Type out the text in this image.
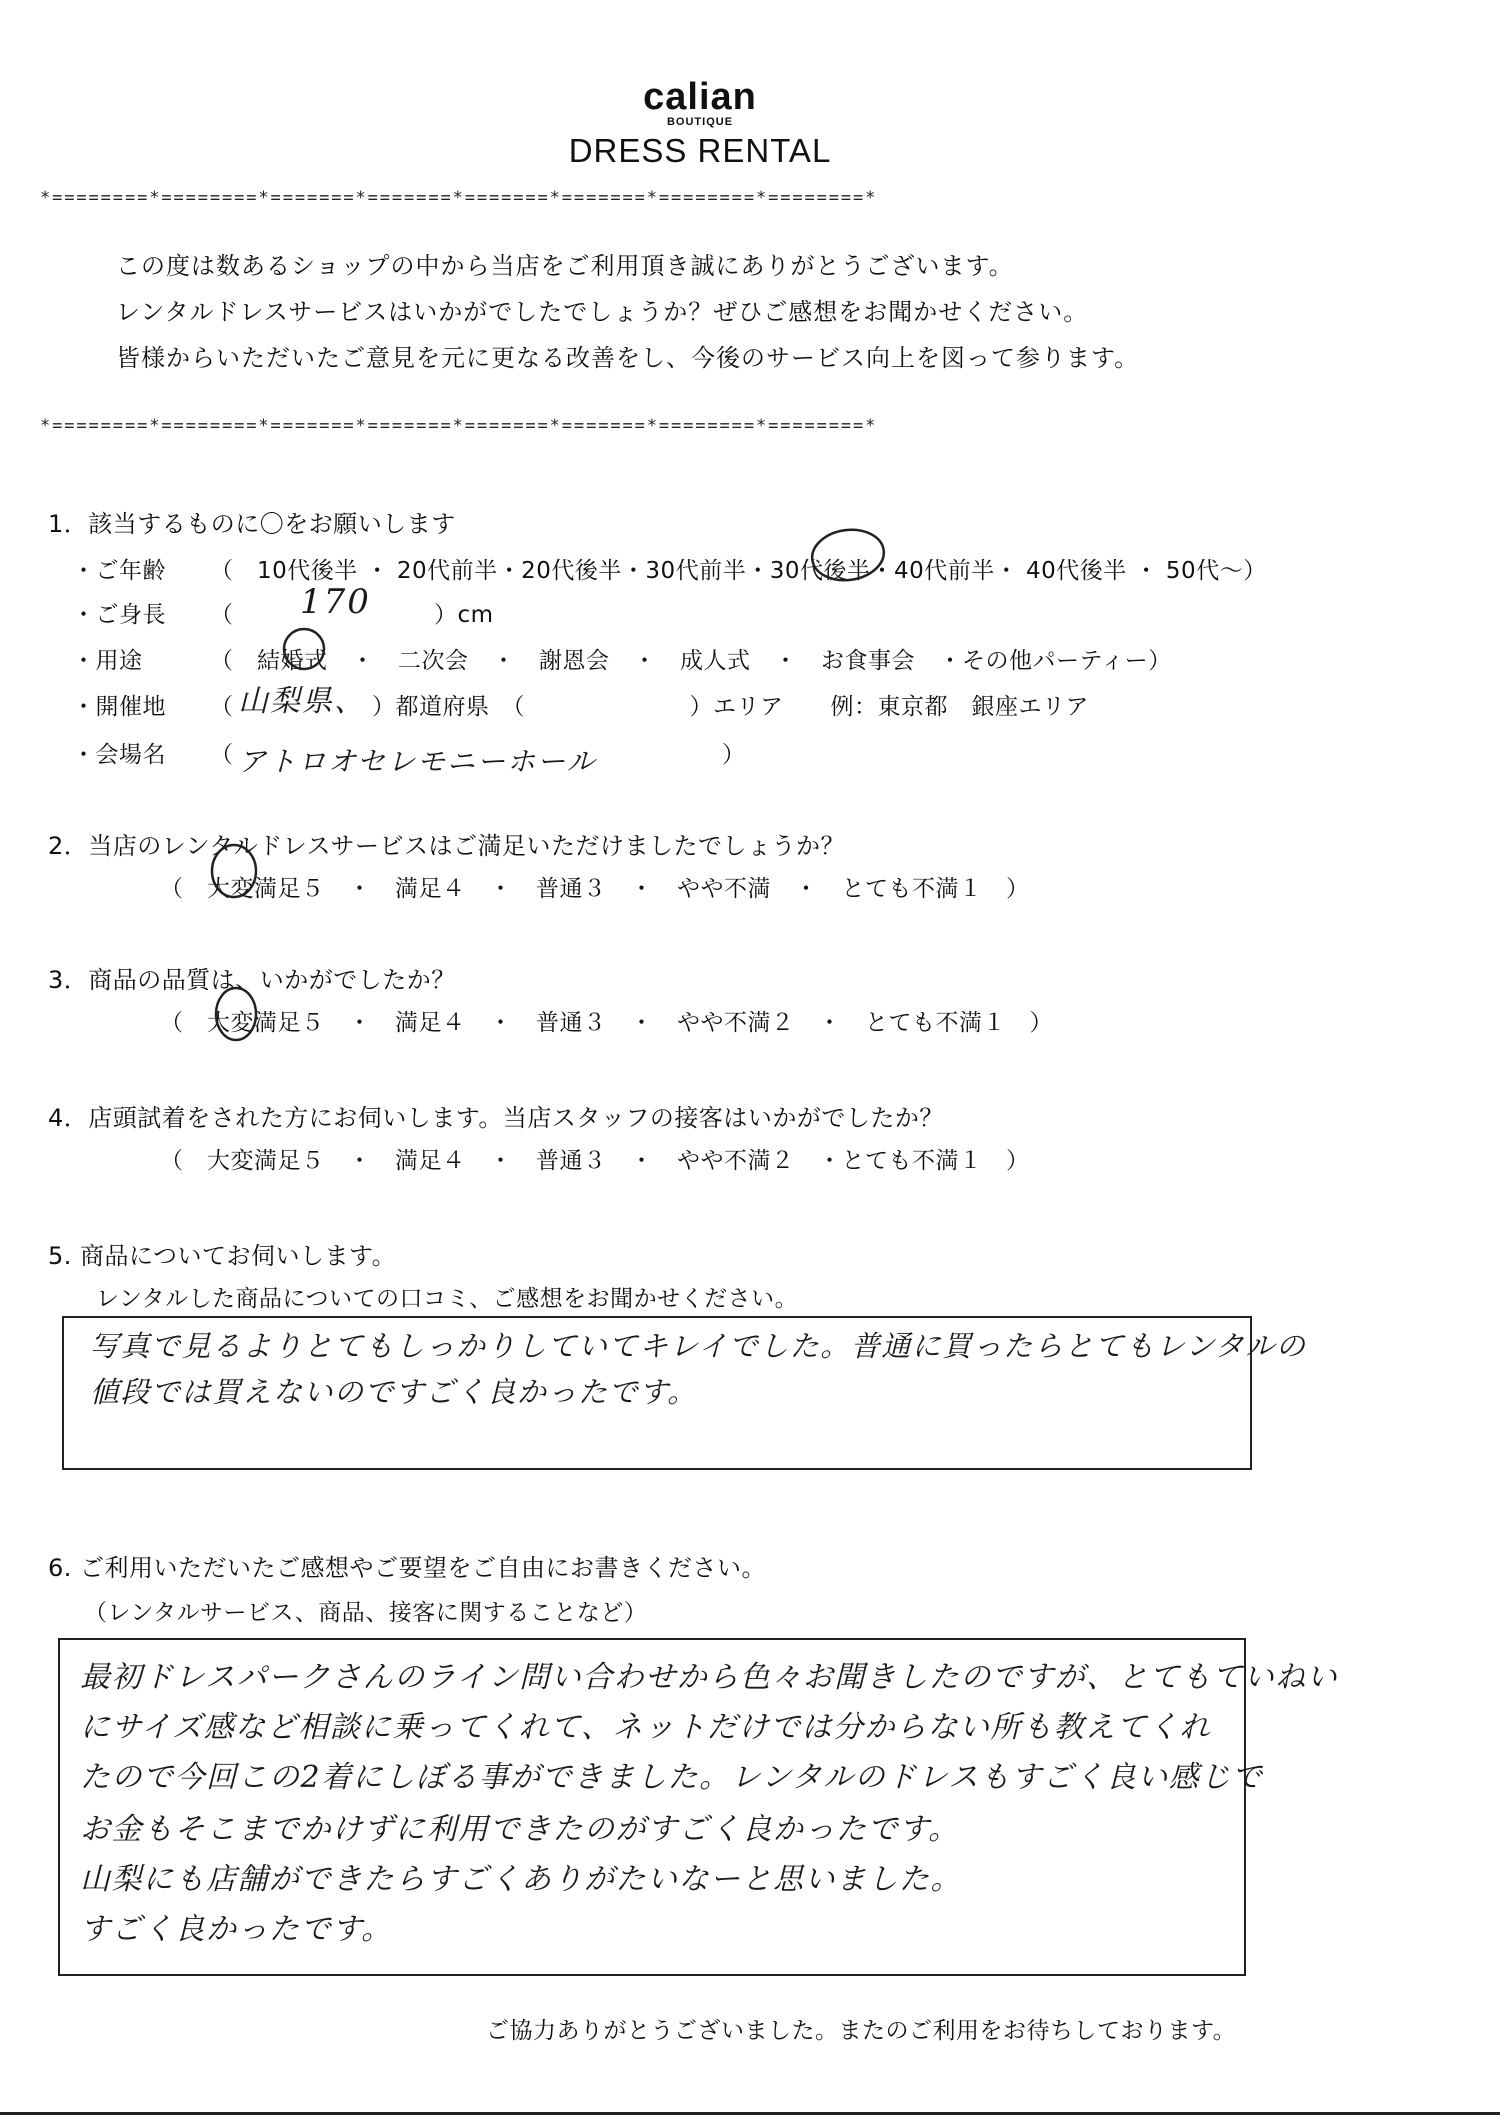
calian
BOUTIQUE
DRESS RENTAL
*========*========*=======*=======*=======*=======*========*========*
この度は数あるショップの中から当店をご利用頂き誠にありがとうございます。
レンタルドレスサービスはいかがでしたでしょうか？ぜひご感想をお聞かせください。
皆様からいただいたご意見を元に更なる改善をし、今後のサービス向上を図って参ります。
*========*========*=======*=======*=======*=======*========*========*
1．該当するものに〇をお願いします
・ご年齢 （　10代後半 ・ 20代前半・20代後半・30代前半・30代後半・40代前半・ 40代後半 ・ 50代～）
・ご身長 （ 170	）cm
・用途	（　結婚式　・　二次会　・　謝恩会　・　成人式　・　お食事会　・その他パーティー）
・開催地 （ 山梨県、 ）都道府県　（　　　　　　　）エリア　　例：東京都　銀座エリア
・会場名 （ アトロオセレモニーホール	）
2．当店のレンタルドレスサービスはご満足いただけましたでしょうか？
（　大変満足５　・　満足４　・　普通３　・　やや不満　・　とても不満１　）
3．商品の品質は、いかがでしたか？
（　大変満足５　・　満足４　・　普通３　・　やや不満２　・　とても不満１　）
4．店頭試着をされた方にお伺いします。当店スタッフの接客はいかがでしたか？
（　大変満足５　・　満足４　・　普通３　・　やや不満２　・とても不満１　）
5. 商品についてお伺いします。
レンタルした商品についての口コミ、ご感想をお聞かせください。
写真で見るよりとてもしっかりしていてキレイでした。普通に買ったらとてもレンタルの
値段では買えないのですごく良かったです。
6. ご利用いただいたご感想やご要望をご自由にお書きください。
（レンタルサービス、商品、接客に関することなど）
最初ドレスパークさんのライン問い合わせから色々お聞きしたのですが、とてもていねい
にサイズ感など相談に乗ってくれて、ネットだけでは分からない所も教えてくれ
たので今回この2着にしぼる事ができました。レンタルのドレスもすごく良い感じで
お金もそこまでかけずに利用できたのがすごく良かったです。
山梨にも店舗ができたらすごくありがたいなーと思いました。
すごく良かったです。
ご協力ありがとうございました。またのご利用をお待ちしております。
